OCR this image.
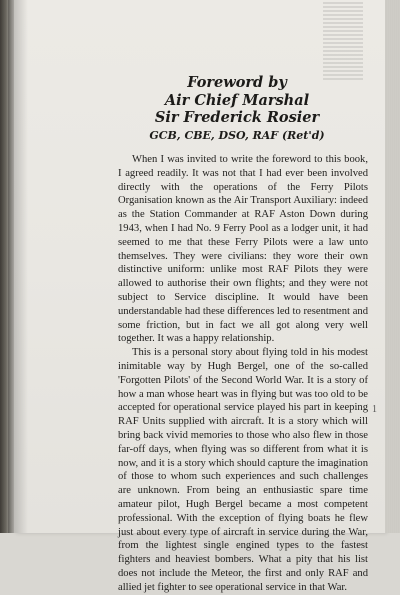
Foreword by
Air Chief Marshal
Sir Frederick Rosier
GCB, CBE, DSO, RAF (Ret'd)

When I was invited to write the foreword to this book, I agreed readily. It was not that I had ever been involved directly with the operations of the Ferry Pilots Organisation known as the Air Transport Auxiliary: indeed as the Station Commander at RAF Aston Down during 1943, when I had No. 9 Ferry Pool as a lodger unit, it had seemed to me that these Ferry Pilots were a law unto themselves. They were civilians: they wore their own distinctive uniform: unlike most RAF Pilots they were allowed to authorise their own flights; and they were not subject to Service discipline. It would have been understandable had these differences led to resentment and some friction, but in fact we all got along very well together. It was a happy relationship.

This is a personal story about flying told in his modest inimitable way by Hugh Bergel, one of the so-called 'Forgotten Pilots' of the Second World War. It is a story of how a man whose heart was in flying but was too old to be accepted for operational service played his part in keeping RAF Units supplied with aircraft. It is a story which will bring back vivid memories to those who also flew in those far-off days, when flying was so different from what it is now, and it is a story which should capture the imagination of those to whom such experiences and such challenges are unknown. From being an enthusiastic spare time amateur pilot, Hugh Bergel became a most competent professional. With the exception of flying boats he flew just about every type of aircraft in service during the War, from the lightest single engined types to the fastest fighters and heaviest bombers. What a pity that his list does not include the Meteor, the first and only RAF and allied jet fighter to see operational service in that War.

1
